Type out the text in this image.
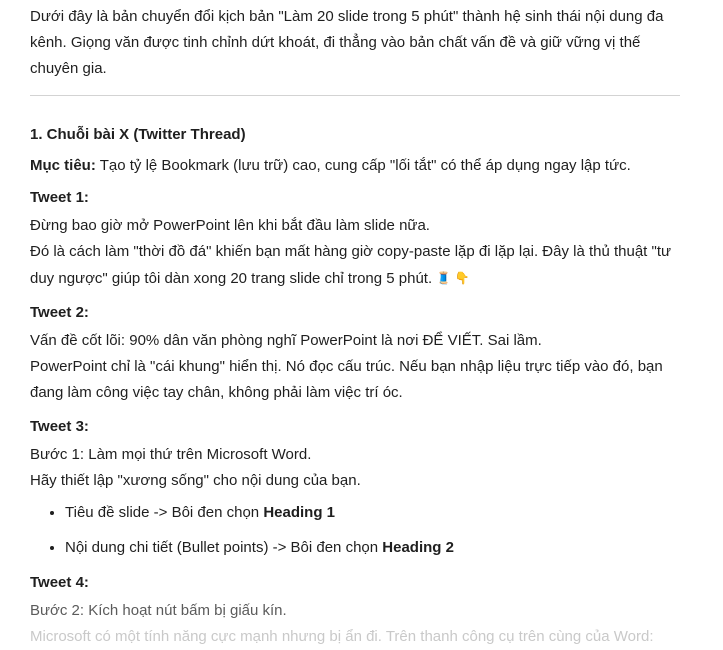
Dưới đây là bản chuyển đổi kịch bản "Làm 20 slide trong 5 phút" thành hệ sinh thái nội dung đa kênh. Giọng văn được tinh chỉnh dứt khoát, đi thẳng vào bản chất vấn đề và giữ vững vị thế chuyên gia.

1. Chuỗi bài X (Twitter Thread)

Mục tiêu: Tạo tỷ lệ Bookmark (lưu trữ) cao, cung cấp "lối tắt" có thể áp dụng ngay lập tức.

Tweet 1:

Đừng bao giờ mở PowerPoint lên khi bắt đầu làm slide nữa.

Đó là cách làm "thời đồ đá" khiến bạn mất hàng giờ copy-paste lặp đi lặp lại. Đây là thủ thuật "tư duy ngược" giúp tôi dàn xong 20 trang slide chỉ trong 5 phút. 🧵 👇

Tweet 2:

Vấn đề cốt lõi: 90% dân văn phòng nghĩ PowerPoint là nơi ĐỂ VIẾT. Sai lầm.

PowerPoint chỉ là "cái khung" hiển thị. Nó đọc cấu trúc. Nếu bạn nhập liệu trực tiếp vào đó, bạn đang làm công việc tay chân, không phải làm việc trí óc.

Tweet 3:

Bước 1: Làm mọi thứ trên Microsoft Word.

Hãy thiết lập "xương sống" cho nội dung của bạn.

• Tiêu đề slide -> Bôi đen chọn Heading 1
• Nội dung chi tiết (Bullet points) -> Bôi đen chọn Heading 2

Tweet 4:

Bước 2: Kích hoạt nút bấm bị giấu kín.

Microsoft có một tính năng cực mạnh nhưng bị ẩn đi. Trên thanh công cụ trên cùng của Word:
